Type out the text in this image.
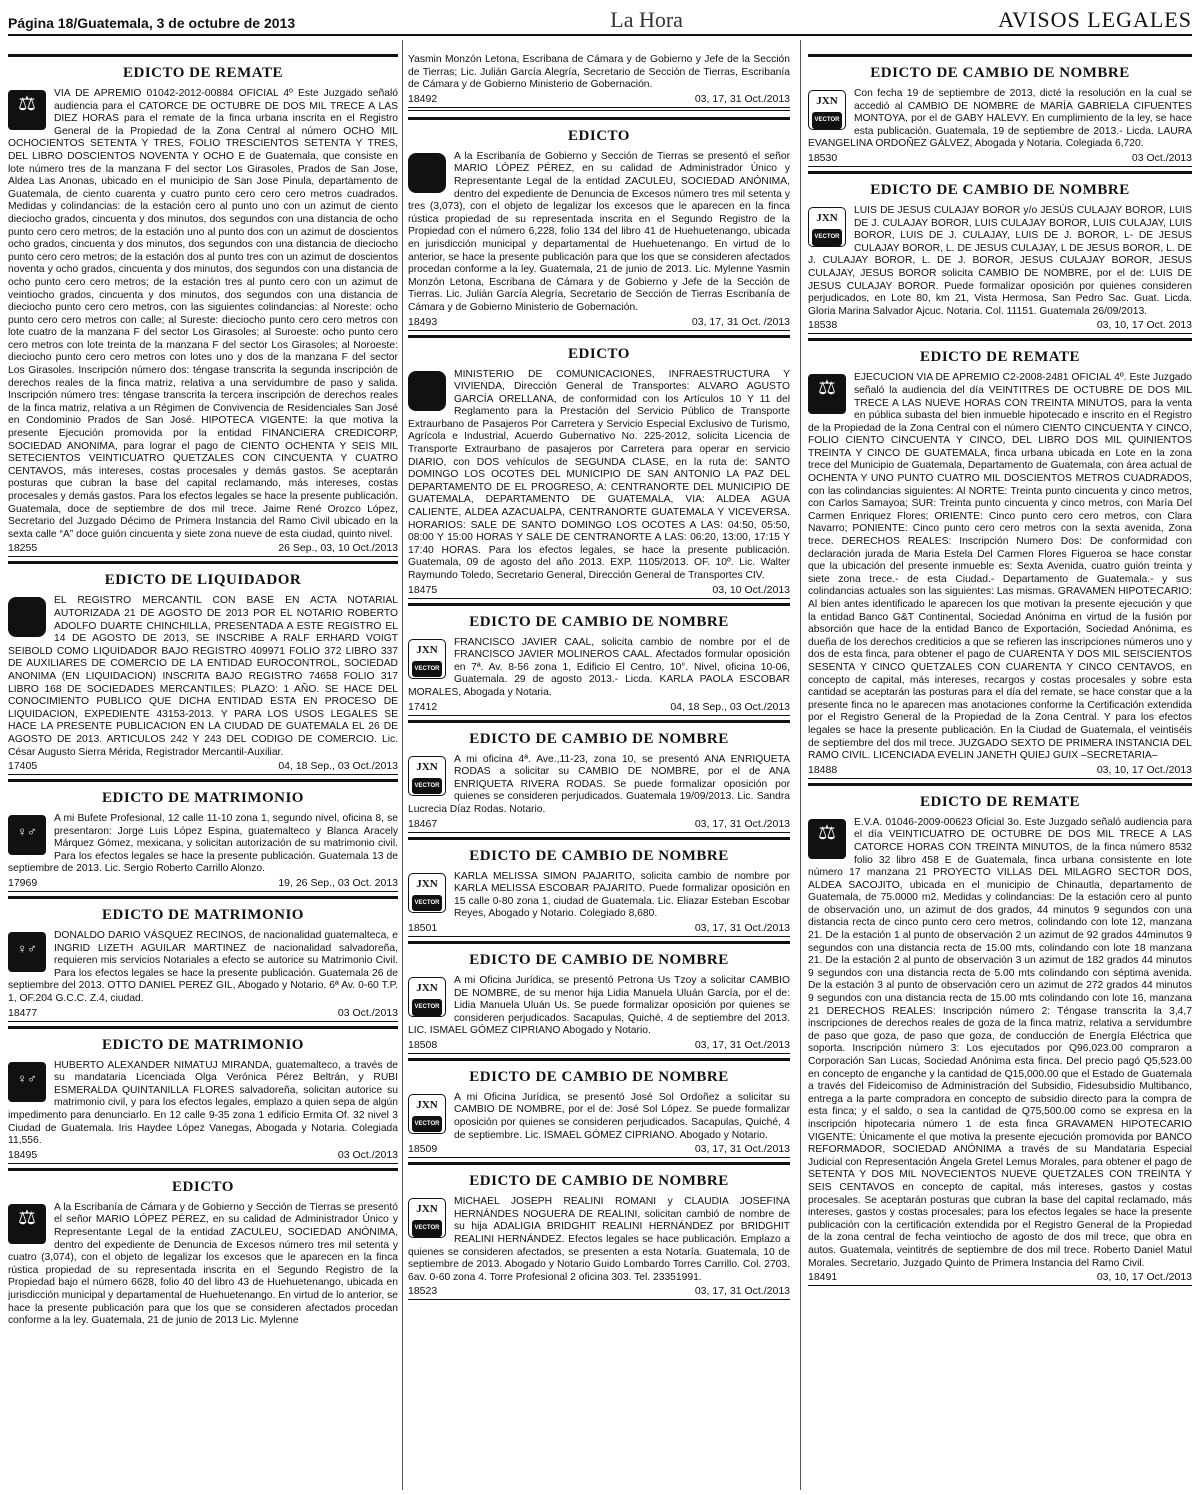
Página 18/Guatemala, 3 de octubre de 2013	La Hora	AVISOS LEGALES
EDICTO DE REMATE
⚖
VIA DE APREMIO 01042-2012-00884 OFICIAL 4º Este Juzgado señaló audiencia para el CATORCE DE OCTUBRE DE DOS MIL TRECE A LAS DIEZ HORAS para el remate de la finca urbana inscrita en el Registro General de la Propiedad de la Zona Central al número OCHO MIL OCHOCIENTOS SETENTA Y TRES, FOLIO TRESCIENTOS SETENTA Y TRES, DEL LIBRO DOSCIENTOS NOVENTA Y OCHO E de Guatemala, que consiste en lote número tres de la manzana F del sector Los Girasoles, Prados de San Jose, Aldea Las Anonas, ubicado en el municipio de San Jose Pinula, departamento de Guatemala, de ciento cuarenta y cuatro punto cero cero cero metros cuadrados. Medidas y colindancias: de la estación cero al punto uno con un azimut de ciento dieciocho grados, cincuenta y dos minutos, dos segundos con una distancia de ocho punto cero cero metros; de la estación uno al punto dos con un azimut de doscientos ocho grados, cincuenta y dos minutos, dos segundos con una distancia de dieciocho punto cero cero metros; de la estación dos al punto tres con un azimut de doscientos noventa y ocho grados, cincuenta y dos minutos, dos segundos con una distancia de ocho punto cero cero metros; de la estación tres al punto cero con un azimut de veintiocho grados, cincuenta y dos minutos, dos segundos con una distancia de dieciocho punto cero cero metros, con las siguientes colindancias: al Noreste: ocho punto cero cero metros con calle; al Sureste: dieciocho punto cero cero metros con lote cuatro de la manzana F del sector Los Girasoles; al Suroeste: ocho punto cero cero metros con lote treinta de la manzana F del sector Los Girasoles; al Noroeste: dieciocho punto cero cero metros con lotes uno y dos de la manzana F del sector Los Girasoles. Inscripción número dos: téngase transcrita la segunda inscripción de derechos reales de la finca matriz, relativa a una servidumbre de paso y salida. Inscripción número tres: téngase transcrita la tercera inscripción de derechos reales de la finca matriz, relativa a un Régimen de Convivencia de Residenciales San José en Condominio Prados de San José. HIPOTECA VIGENTE: la que motiva la presente Ejecución promovida por la entidad FINANCIERA CREDICORP, SOCIEDAD ANONIMA, para lograr el pago de CIENTO OCHENTA Y SEIS MIL SETECIENTOS VEINTICUATRO QUETZALES CON CINCUENTA Y CUATRO CENTAVOS, más intereses, costas procesales y demás gastos. Se aceptarán posturas que cubran la base del capital reclamando, más intereses, costas procesales y demás gastos. Para los efectos legales se hace la presente publicación. Guatemala, doce de septiembre de dos mil trece. Jaime René Orozco López, Secretario del Juzgado Décimo de Primera Instancia del Ramo Civil ubicado en la sexta calle “A” doce guión cincuenta y siete zona nueve de esta ciudad, quinto nivel.
18255	26 Sep., 03, 10 Oct./2013
EDICTO DE LIQUIDADOR
EL REGISTRO MERCANTIL CON BASE EN ACTA NOTARIAL AUTORIZADA 21 DE AGOSTO DE 2013 POR EL NOTARIO ROBERTO ADOLFO DUARTE CHINCHILLA, PRESENTADA A ESTE REGISTRO EL 14 DE AGOSTO DE 2013, SE INSCRIBE A RALF ERHARD VOIGT SEIBOLD COMO LIQUIDADOR BAJO REGISTRO 409971 FOLIO 372 LIBRO 337 DE AUXILIARES DE COMERCIO DE LA ENTIDAD EUROCONTROL, SOCIEDAD ANONIMA (EN LIQUIDACION) INSCRITA BAJO REGISTRO 74658 FOLIO 317 LIBRO 168 DE SOCIEDADES MERCANTILES: PLAZO: 1 AÑO. SE HACE DEL CONOCIMIENTO PUBLICO QUE DICHA ENTIDAD ESTA EN PROCESO DE LIQUIDACION, EXPEDIENTE 43153-2013. Y PARA LOS USOS LEGALES SE HACE LA PRESENTE PUBLICACION EN LA CIUDAD DE GUATEMALA EL 26 DE AGOSTO DE 2013. ARTICULOS 242 Y 243 DEL CODIGO DE COMERCIO. Lic. César Augusto Sierra Mérida, Registrador Mercantil-Auxiliar.
17405	04, 18 Sep., 03 Oct./2013
EDICTO DE MATRIMONIO
♀♂
A mi Bufete Profesional, 12 calle 11-10 zona 1, segundo nivel, oficina 8, se presentaron: Jorge Luis López Espina, guatemalteco y Blanca Aracely Márquez Gómez, mexicana, y solicitan autorización de su matrimonio civil. Para los efectos legales se hace la presente publicación. Guatemala 13 de septiembre de 2013. Lic. Sergio Roberto Carrillo Alonzo.
17969	19, 26 Sep., 03 Oct. 2013
EDICTO DE MATRIMONIO
♀♂
DONALDO DARIO VÁSQUEZ RECINOS, de nacionalidad guatemalteca, e INGRID LIZETH AGUILAR MARTINEZ de nacionalidad salvadoreña, requieren mis servicios Notariales a efecto se autorice su Matrimonio Civil. Para los efectos legales se hace la presente publicación. Guatemala 26 de septiembre del 2013. OTTO DANIEL PEREZ GIL, Abogado y Notario. 6ª Av. 0-60 T.P. 1, OF.204 G.C.C. Z.4, ciudad.
18477	03 Oct./2013
EDICTO DE MATRIMONIO
♀♂
HUBERTO ALEXANDER NIMATUJ MIRANDA, guatemalteco, a través de su mandataria Licenciada Olga Verónica Pérez Beltrán, y RUBI ESMERALDA QUINTANILLA FLORES salvadoreña, solicitan autorice su matrimonio civil, y para los efectos legales, emplazo a quien sepa de algún impedimento para denunciarlo. En 12 calle 9-35 zona 1 edificio Ermita Of. 32 nivel 3 Ciudad de Guatemala. Iris Haydee López Vanegas, Abogada y Notaria. Colegiada 11,556.
18495	03 Oct./2013
EDICTO
⚖
A la Escribanía de Cámara y de Gobierno y Sección de Tierras se presentó el señor MARIO LÓPEZ PÉREZ, en su calidad de Administrador Único y Representante Legal de la entidad ZACULEU, SOCIEDAD ANÓNIMA, dentro del expediente de Denuncia de Excesos número tres mil setenta y cuatro (3,074), con el objeto de legalizar los excesos que le aparecen en la finca rústica propiedad de su representada inscrita en el Segundo Registro de la Propiedad bajo el número 6628, folio 40 del libro 43 de Huehuetenango, ubicada en jurisdicción municipal y departamental de Huehuetenango. En virtud de lo anterior, se hace la presente publicación para que los que se consideren afectados procedan conforme a la ley. Guatemala, 21 de junio de 2013 Lic. Mylenne
Yasmin Monzón Letona, Escribana de Cámara y de Gobierno y Jefe de la Sección de Tierras; Lic. Julián García Alegría, Secretario de Sección de Tierras, Escribanía de Cámara y de Gobierno Ministerio de Gobernación.
18492	03, 17, 31 Oct./2013
EDICTO
A la Escribanía de Gobierno y Sección de Tierras se presentó el señor MARIO LÓPEZ PÉREZ, en su calidad de Administrador Único y Representante Legal de la entidad ZACULEU, SOCIEDAD ANÓNIMA, dentro del expediente de Denuncia de Excesos número tres mil setenta y tres (3,073), con el objeto de legalizar los excesos que le aparecen en la finca rústica propiedad de su representada inscrita en el Segundo Registro de la Propiedad con el número 6,228, folio 134 del libro 41 de Huehuetenango, ubicada en jurisdicción municipal y departamental de Huehuetenango. En virtud de lo anterior, se hace la presente publicación para que los que se consideren afectados procedan conforme a la ley. Guatemala, 21 de junio de 2013. Lic. Mylenne Yasmin Monzón Letona, Escribana de Cámara y de Gobierno y Jefe de la Sección de Tierras. Lic. Julián García Alegría, Secretario de Sección de Tierras Escribanía de Cámara y de Gobierno Ministerio de Gobernación.
18493	03, 17, 31 Oct. /2013
EDICTO
MINISTERIO DE COMUNICACIONES, INFRAESTRUCTURA Y VIVIENDA, Dirección General de Transportes: ALVARO AGUSTO GARCÍA ORELLANA, de conformidad con los Artículos 10 Y 11 del Reglamento para la Prestación del Servicio Público de Transporte Extraurbano de Pasajeros Por Carretera y Servicio Especial Exclusivo de Turismo, Agrícola e Industrial, Acuerdo Gubernativo No. 225-2012, solicita Licencia de Transporte Extraurbano de pasajeros por Carretera para operar en servicio DIARIO, con DOS vehículos de SEGUNDA CLASE, en la ruta de: SANTO DOMINGO LOS OCOTES DEL MUNICIPIO DE SAN ANTONIO LA PAZ DEL DEPARTAMENTO DE EL PROGRESO, A: CENTRANORTE DEL MUNICIPIO DE GUATEMALA, DEPARTAMENTO DE GUATEMALA, VIA: ALDEA AGUA CALIENTE, ALDEA AZACUALPA, CENTRANORTE GUATEMALA Y VICEVERSA. HORARIOS: SALE DE SANTO DOMINGO LOS OCOTES A LAS: 04:50, 05:50, 08:00 Y 15:00 HORAS Y SALE DE CENTRANORTE A LAS: 06:20, 13:00, 17:15 Y 17:40 HORAS. Para los efectos legales, se hace la presente publicación. Guatemala, 09 de agosto del año 2013. EXP. 1105/2013. OF. 10º. Lic. Walter Raymundo Toledo, Secretario General, Dirección General de Transportes CIV.
18475	03, 10 Oct./2013
EDICTO DE CAMBIO DE NOMBRE
JXN
VECTOR
FRANCISCO JAVIER CAAL, solicita cambio de nombre por el de FRANCISCO JAVIER MOLINEROS CAAL. Afectados formular oposición en 7ª. Av. 8-56 zona 1, Edificio El Centro, 10°. Nivel, oficina 10-06, Guatemala. 29 de agosto 2013.- Licda. KARLA PAOLA ESCOBAR MORALES, Abogada y Notaria.
17412	04, 18 Sep., 03 Oct./2013
EDICTO DE CAMBIO DE NOMBRE
JXN
VECTOR
A mi oficina 4ª. Ave.,11-23, zona 10, se presentó ANA ENRIQUETA RODAS a solicitar su CAMBIO DE NOMBRE, por el de ANA ENRIQUETA RIVERA RODAS. Se puede formalizar oposición por quienes se consideren perjudicados. Guatemala 19/09/2013. Lic. Sandra Lucrecia Díaz Rodas. Notario.
18467	03, 17, 31 Oct./2013
EDICTO DE CAMBIO DE NOMBRE
JXN
VECTOR
KARLA MELISSA SIMON PAJARITO, solicita cambio de nombre por KARLA MELISSA ESCOBAR PAJARITO. Puede formalizar oposición en 15 calle 0-80 zona 1, ciudad de Guatemala. Lic. Eliazar Esteban Escobar Reyes, Abogado y Notario. Colegiado 8,680.
18501	03, 17, 31 Oct./2013
EDICTO DE CAMBIO DE NOMBRE
JXN
VECTOR
A mi Oficina Jurídica, se presentó Petrona Us Tzoy a solicitar CAMBIO DE NOMBRE, de su menor hija Lidia Manuela Uluán García, por el de: Lidia Manuela Uluán Us. Se puede formalizar oposición por quienes se consideren perjudicados. Sacapulas, Quiché, 4 de septiembre del 2013. LIC. ISMAEL GÓMEZ CIPRIANO Abogado y Notario.
18508	03, 17, 31 Oct./2013
EDICTO DE CAMBIO DE NOMBRE
JXN
VECTOR
A mi Oficina Jurídica, se presentó José Sol Ordoñez a solicitar su CAMBIO DE NOMBRE, por el de: José Sol López. Se puede formalizar oposición por quienes se consideren perjudicados. Sacapulas, Quiché, 4 de septiembre. Lic. ISMAEL GÓMEZ CIPRIANO. Abogado y Notario.
18509	03, 17, 31 Oct./2013
EDICTO DE CAMBIO DE NOMBRE
JXN
VECTOR
MICHAEL JOSEPH REALINI ROMANI y CLAUDIA JOSEFINA HERNÁNDES NOGUERA DE REALINI, solicitan cambió de nombre de su hija ADALIGIA BRIDGHIT REALINI HERNÁNDEZ por BRIDGHIT REALINI HERNÁNDEZ. Efectos legales se hace publicación. Emplazo a quienes se consideren afectados, se presenten a esta Notaría. Guatemala, 10 de septiembre de 2013. Abogado y Notario Guido Lombardo Torres Carrillo. Col. 2703. 6av. 0-60 zona 4. Torre Profesional 2 oficina 303. Tel. 23351991.
18523	03, 17, 31 Oct./2013
EDICTO DE CAMBIO DE NOMBRE
JXN
VECTOR
Con fecha 19 de septiembre de 2013, dicté la resolución en la cual se accedió al CAMBIO DE NOMBRE de MARÍA GABRIELA CIFUENTES MONTOYA, por el de GABY HALEVY. En cumplimiento de la ley, se hace esta publicación. Guatemala, 19 de septiembre de 2013.- Licda. LAURA EVANGELINA ORDOÑEZ GÁLVEZ, Abogada y Notaria. Colegiada 6,720.
18530	03 Oct./2013
EDICTO DE CAMBIO DE NOMBRE
JXN
VECTOR
LUIS DE JESUS CULAJAY BOROR y/o JESÚS CULAJAY BOROR, LUIS DE J. CULAJAY BOROR, LUIS CULAJAY BOROR, LUIS CULAJAY, LUIS BOROR, LUIS DE J. CULAJAY, LUIS DE J. BOROR, L- DE JESUS CULAJAY BOROR, L. DE JESUS CULAJAY, L DE JESUS BOROR, L. DE J. CULAJAY BOROR, L. DE J. BOROR, JESUS CULAJAY BOROR, JESUS CULAJAY, JESUS BOROR solicita CAMBIO DE NOMBRE, por el de: LUIS DE JESUS CULAJAY BOROR. Puede formalizar oposición por quienes consideren perjudicados, en Lote 80, km 21, Vista Hermosa, San Pedro Sac. Guat. Licda. Gloria Marina Salvador Ajcuc. Notaria. Col. 11151. Guatemala 26/09/2013.
18538	03, 10, 17 Oct. 2013
EDICTO DE REMATE
⚖
EJECUCION VIA DE APREMIO C2-2008-2481 OFICIAL 4º. Este Juzgado señaló la audiencia del día VEINTITRES DE OCTUBRE DE DOS MIL TRECE A LAS NUEVE HORAS CON TREINTA MINUTOS, para la venta en pública subasta del bien inmueble hipotecado e inscrito en el Registro de la Propiedad de la Zona Central con el número CIENTO CINCUENTA Y CINCO, FOLIO CIENTO CINCUENTA Y CINCO, DEL LIBRO DOS MIL QUINIENTOS TREINTA Y CINCO DE GUATEMALA, finca urbana ubicada en Lote en la zona trece del Municipio de Guatemala, Departamento de Guatemala, con área actual de OCHENTA Y UNO PUNTO CUATRO MIL DOSCIENTOS METROS CUADRADOS, con las colindancias siguientes: Al NORTE: Treinta punto cincuenta y cinco metros, con Carlos Samayoa; SUR: Treinta punto cincuenta y cinco metros, con María Del Carmen Enriquez Flores; ORIENTE: Cinco punto cero cero metros, con Clara Navarro; PONIENTE: Cinco punto cero cero metros con la sexta avenida, Zona trece. DERECHOS REALES: Inscripción Numero Dos: De conformidad con declaración jurada de Maria Estela Del Carmen Flores Figueroa se hace constar que la ubicación del presente inmueble es: Sexta Avenida, cuatro guión treinta y siete zona trece.- de esta Ciudad.- Departamento de Guatemala.- y sus colindancias actuales son las siguientes: Las mismas. GRAVAMEN HIPOTECARIO: Al bien antes identificado le aparecen los que motivan la presente ejecución y que la entidad Banco G&T Continental, Sociedad Anónima en virtud de la fusión por absorción que hace de la entidad Banco de Exportación, Sociedad Anónima, es dueña de los derechos crediticios a que se refieren las inscripciones números uno y dos de esta finca, para obtener el pago de CUARENTA Y DOS MIL SEISCIENTOS SESENTA Y CINCO QUETZALES CON CUARENTA Y CINCO CENTAVOS, en concepto de capital, más intereses, recargos y costas procesales y sobre esta cantidad se aceptarán las posturas para el día del remate, se hace constar que a la presente finca no le aparecen mas anotaciones conforme la Certificación extendida por el Registro General de la Propiedad de la Zona Central. Y para los efectos legales se hace la presente publicación. En la Ciudad de Guatemala, el veintiséis de septiembre del dos mil trece. JUZGADO SEXTO DE PRIMERA INSTANCIA DEL RAMO CIVIL. LICENCIADA EVELIN JANETH QUIEJ GUIX –SECRETARIA–
18488	03, 10, 17 Oct./2013
EDICTO DE REMATE
⚖
E.V.A. 01046-2009-00623 Oficial 3o. Este Juzgado señaló audiencia para el día VEINTICUATRO DE OCTUBRE DE DOS MIL TRECE A LAS CATORCE HORAS CON TREINTA MINUTOS, de la finca número 8532 folio 32 libro 458 E de Guatemala, finca urbana consistente en lote número 17 manzana 21 PROYECTO VILLAS DEL MILAGRO SECTOR DOS, ALDEA SACOJITO, ubicada en el municipio de Chinautla, departamento de Guatemala, de 75.0000 m2. Medidas y colindancias: De la estación cero al punto de observación uno, un azimut de dos grados, 44 minutos 9 segundos con una distancia recta de cinco punto cero cero metros, colindando con lote 12, manzana 21. De la estación 1 al punto de observación 2 un azimut de 92 grados 44minutos 9 segundos con una distancia recta de 15.00 mts, colindando con lote 18 manzana 21. De la estación 2 al punto de observación 3 un azimut de 182 grados 44 minutos 9 segundos con una distancia recta de 5.00 mts colindando con séptima avenida. De la estación 3 al punto de observación cero un azimut de 272 grados 44 minutos 9 segundos con una distancia recta de 15.00 mts colindando con lote 16, manzana 21 DERECHOS REALES: Inscripción número 2: Téngase transcrita la 3,4,7 inscripciones de derechos reales de goza de la finca matriz, relativa a servidumbre de paso que goza, de paso que goza, de conducción de Energía Eléctrica que soporta. Inscripción número 3: Los ejecutados por Q96,023.00 compraron a Corporación San Lucas, Sociedad Anónima esta finca. Del precio pagó Q5,523.00 en concepto de enganche y la cantidad de Q15,000.00 que el Estado de Guatemala a través del Fideicomiso de Administración del Subsidio, Fidesubsidio Multibanco, entrega a la parte compradora en concepto de subsidio directo para la compra de esta finca; y el saldo, o sea la cantidad de Q75,500.00 como se expresa en la inscripción hipotecaria número 1 de esta finca GRAVAMEN HIPOTECARIO VIGENTE: Únicamente el que motiva la presente ejecución promovida por BANCO REFORMADOR, SOCIEDAD ANÓNIMA a través de su Mandataria Especial Judicial con Representación Ángela Gretel Lemus Morales, para obtener el pago de SETENTA Y DOS MIL NOVECIENTOS NUEVE QUETZALES CON TREINTA Y SEIS CENTAVOS en concepto de capital, más intereses, gastos y costas procesales. Se aceptarán posturas que cubran la base del capital reclamado, más intereses, gastos y costas procesales; para los efectos legales se hace la presente publicación con la certificación extendida por el Registro General de la Propiedad de la zona central de fecha veintiocho de agosto de dos mil trece, que obra en autos. Guatemala, veintitrés de septiembre de dos mil trece. Roberto Daniel Matul Morales. Secretario. Juzgado Quinto de Primera Instancia del Ramo Civil.
18491	03, 10, 17 Oct./2013
